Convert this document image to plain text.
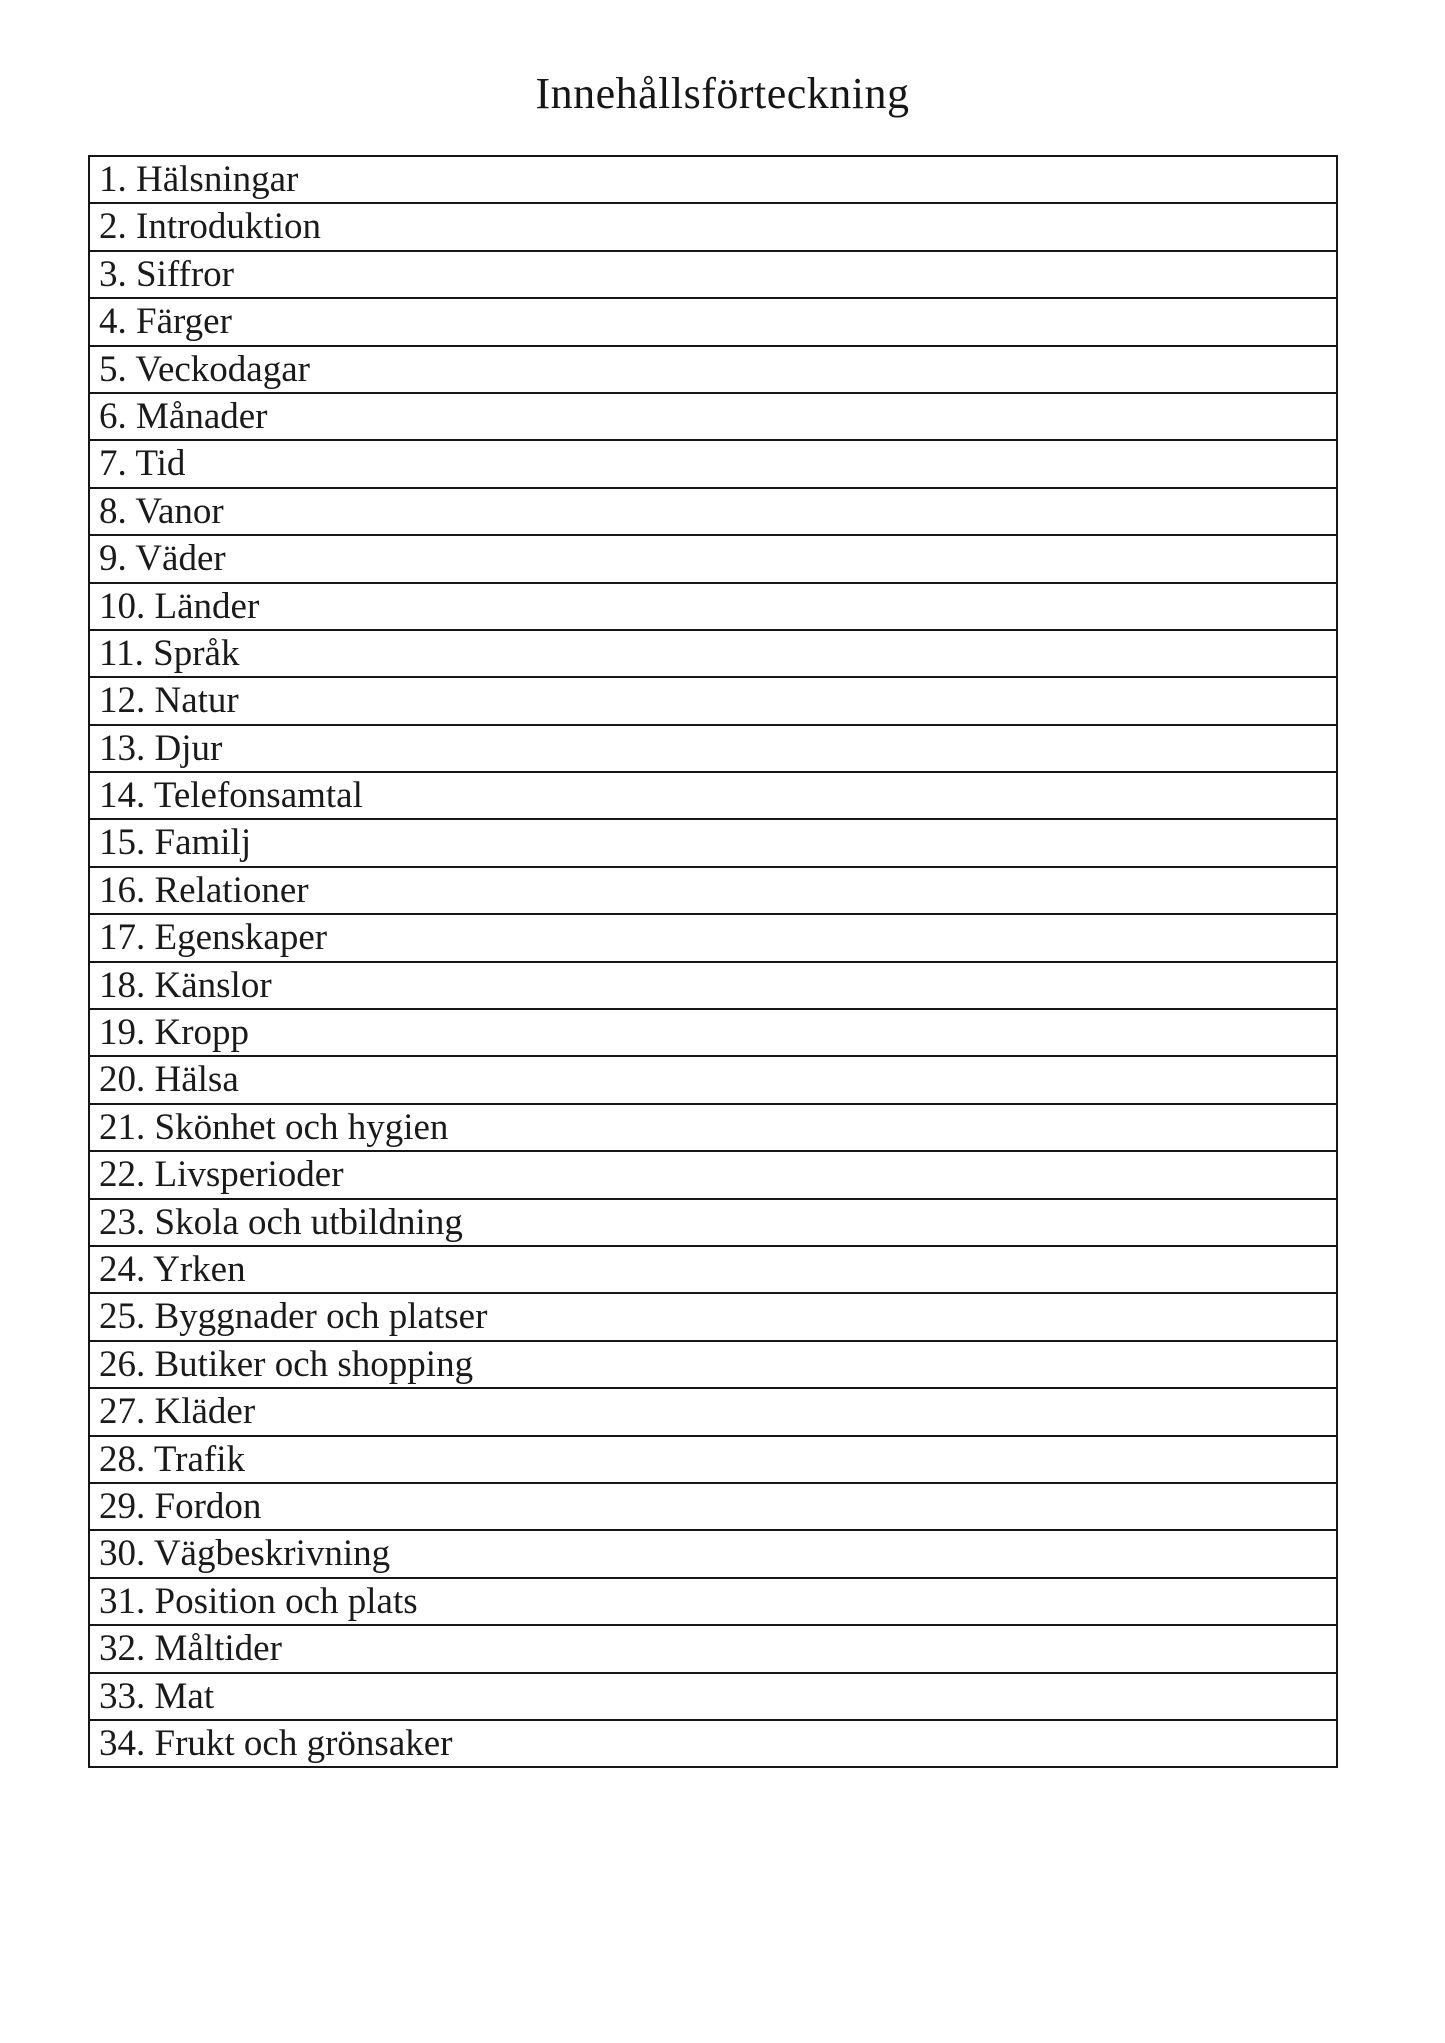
Innehållsförteckning
1. Hälsningar
2. Introduktion
3. Siffror
4. Färger
5. Veckodagar
6. Månader
7. Tid
8. Vanor
9. Väder
10. Länder
11. Språk
12. Natur
13. Djur
14. Telefonsamtal
15. Familj
16. Relationer
17. Egenskaper
18. Känslor
19. Kropp
20. Hälsa
21. Skönhet och hygien
22. Livsperioder
23. Skola och utbildning
24. Yrken
25. Byggnader och platser
26. Butiker och shopping
27. Kläder
28. Trafik
29. Fordon
30. Vägbeskrivning
31. Position och plats
32. Måltider
33. Mat
34. Frukt och grönsaker
